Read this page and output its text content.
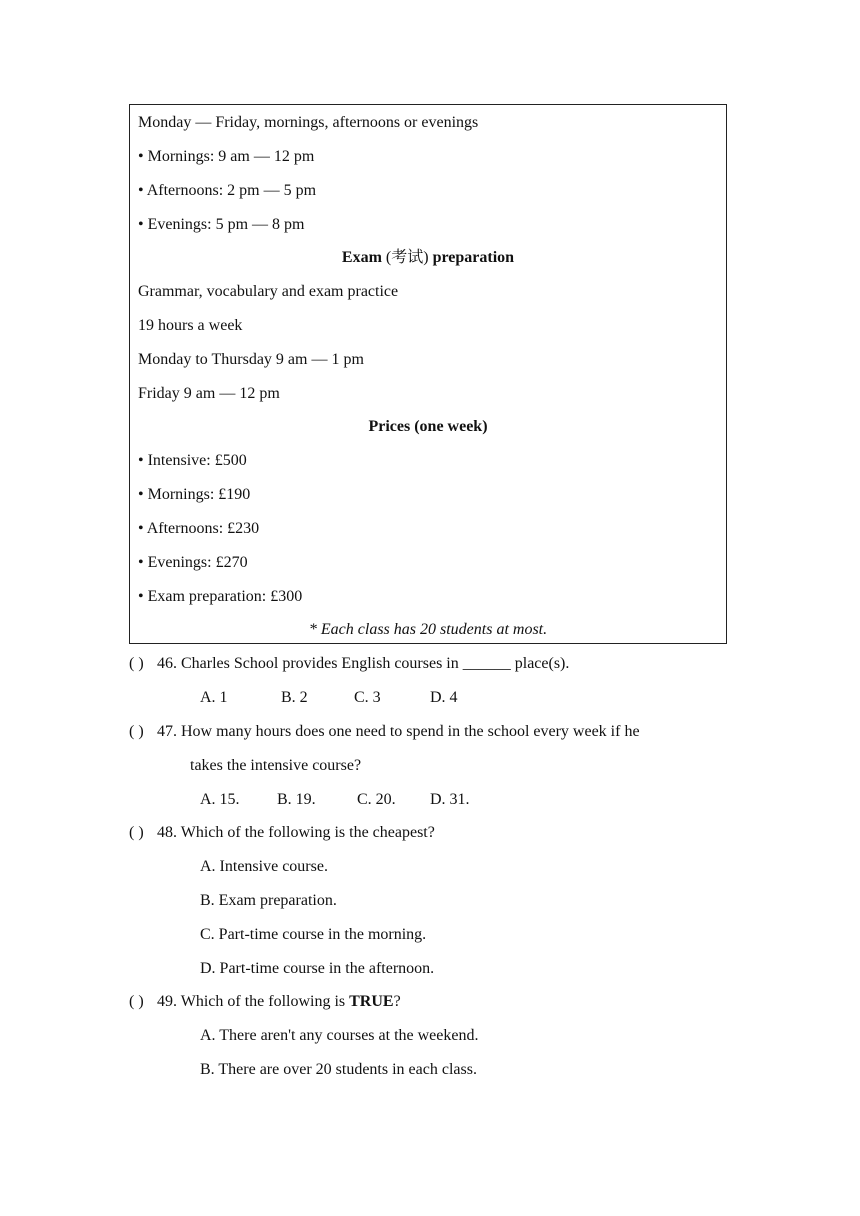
Monday — Friday, mornings, afternoons or evenings
• Mornings: 9 am — 12 pm
• Afternoons: 2 pm — 5 pm
• Evenings: 5 pm — 8 pm
Exam (考试) preparation
Grammar, vocabulary and exam practice
19 hours a week
Monday to Thursday 9 am — 1 pm
Friday 9 am — 12 pm
Prices (one week)
• Intensive: £500
• Mornings: £190
• Afternoons: £230
• Evenings: £270
• Exam preparation: £300
* Each class has 20 students at most.
( ) 46. Charles School provides English courses in ______ place(s).
A. 1	B. 2	C. 3	D. 4
( ) 47. How many hours does one need to spend in the school every week if he
takes the intensive course?
A. 15. B. 19.	C. 20. D. 31.
( ) 48. Which of the following is the cheapest?
A. Intensive course.
B. Exam preparation.
C. Part-time course in the morning.
D. Part-time course in the afternoon.
( ) 49. Which of the following is TRUE?
A. There aren't any courses at the weekend.
B. There are over 20 students in each class.
